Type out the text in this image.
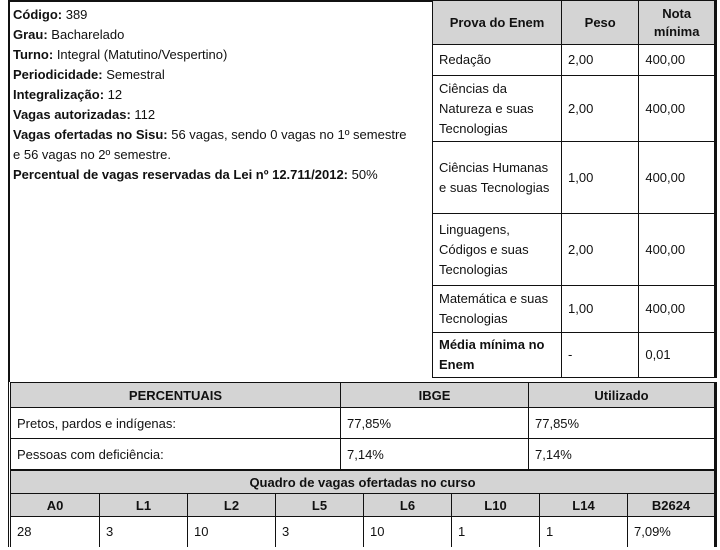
Código: 389
Grau: Bacharelado
Turno: Integral (Matutino/Vespertino)
Periodicidade: Semestral
Integralização: 12
Vagas autorizadas: 112
Vagas ofertadas no Sisu: 56 vagas, sendo 0 vagas no 1º semestre e 56 vagas no 2º semestre.
Percentual de vagas reservadas da Lei nº 12.711/2012: 50%
Prova do Enem	Peso	Nota mínima
Redação	2,00	400,00
Ciências da Natureza e suas Tecnologias	2,00	400,00
Ciências Humanas e suas Tecnologias	1,00	400,00
Linguagens, Códigos e suas Tecnologias	2,00	400,00
Matemática e suas Tecnologias	1,00	400,00
Média mínima no Enem	-	0,01
PERCENTUAIS	IBGE	Utilizado
Pretos, pardos e indígenas:	77,85%	77,85%
Pessoas com deficiência:	7,14%	7,14%
Quadro de vagas ofertadas no curso							
A0	L1	L2	L5	L6	L10	L14	B2624
28	3	10	3	10	1	1	7,09%
